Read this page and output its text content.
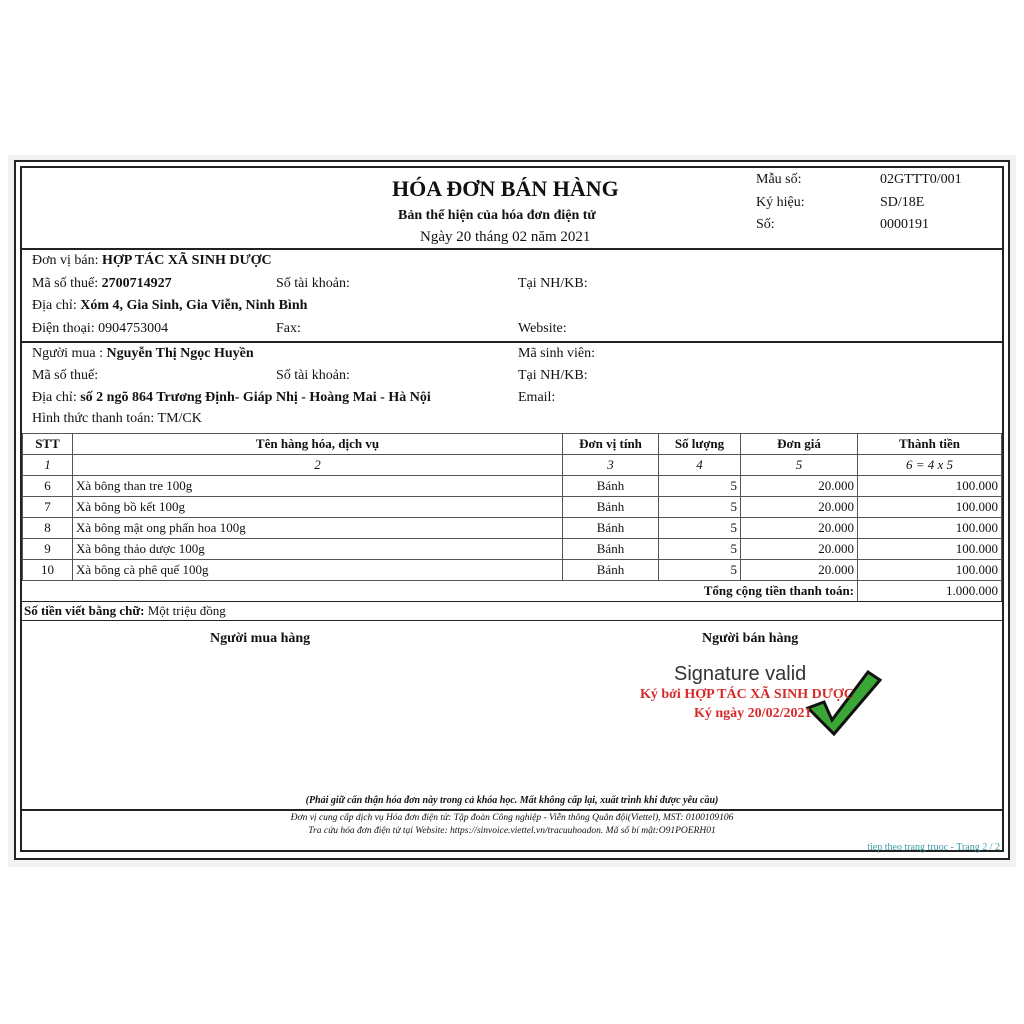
HÓA ĐƠN BÁN HÀNG
Bản thể hiện của hóa đơn điện tử
Ngày 20 tháng 02 năm 2021
Mẫu số:	02GTTT0/001
Ký hiệu:	SD/18E
Số:	0000191
Đơn vị bán: HỢP TÁC XÃ SINH DƯỢC
Mã số thuế: 2700714927	Số tài khoản:	Tại NH/KB:
Địa chỉ: Xóm 4, Gia Sinh, Gia Viễn, Ninh Bình
Điện thoại: 0904753004	Fax:	Website:
Người mua : Nguyễn Thị Ngọc Huyền	Mã sinh viên:
Mã số thuế:	Số tài khoản:	Tại NH/KB:
Địa chỉ: số 2 ngõ 864 Trương Định- Giáp Nhị - Hoàng Mai - Hà Nội	Email:
Hình thức thanh toán: TM/CK
STT	Tên hàng hóa, dịch vụ	Đơn vị tính	Số lượng	Đơn giá	Thành tiền
1	2	3	4	5	6 = 4 x 5
6	Xà bông than tre 100g	Bánh	5	20.000	100.000
7	Xà bông bồ kết 100g	Bánh	5	20.000	100.000
8	Xà bông mật ong phấn hoa 100g	Bánh	5	20.000	100.000
9	Xà bông thảo dược 100g	Bánh	5	20.000	100.000
10	Xà bông cà phê quế 100g	Bánh	5	20.000	100.000
Tổng cộng tiền thanh toán:					1.000.000
Số tiền viết bằng chữ: Một triệu đồng
Người mua hàng	Người bán hàng
Signature valid
Ký bởi HỢP TÁC XÃ SINH DƯỢC
Ký ngày 20/02/2021
(Phải giữ cẩn thận hóa đơn này trong cả khóa học. Mất không cấp lại, xuất trình khi được yêu cầu)
Đơn vị cung cấp dịch vụ Hóa đơn điện tử: Tập đoàn Công nghiệp - Viễn thông Quân đội(Viettel), MST: 0100109106
Tra cứu hóa đơn điện tử tại Website: https://sinvoice.viettel.vn/tracuuhoadon. Mã số bí mật:O91POERH01
tiep theo trang truoc - Trang 2 / 2
